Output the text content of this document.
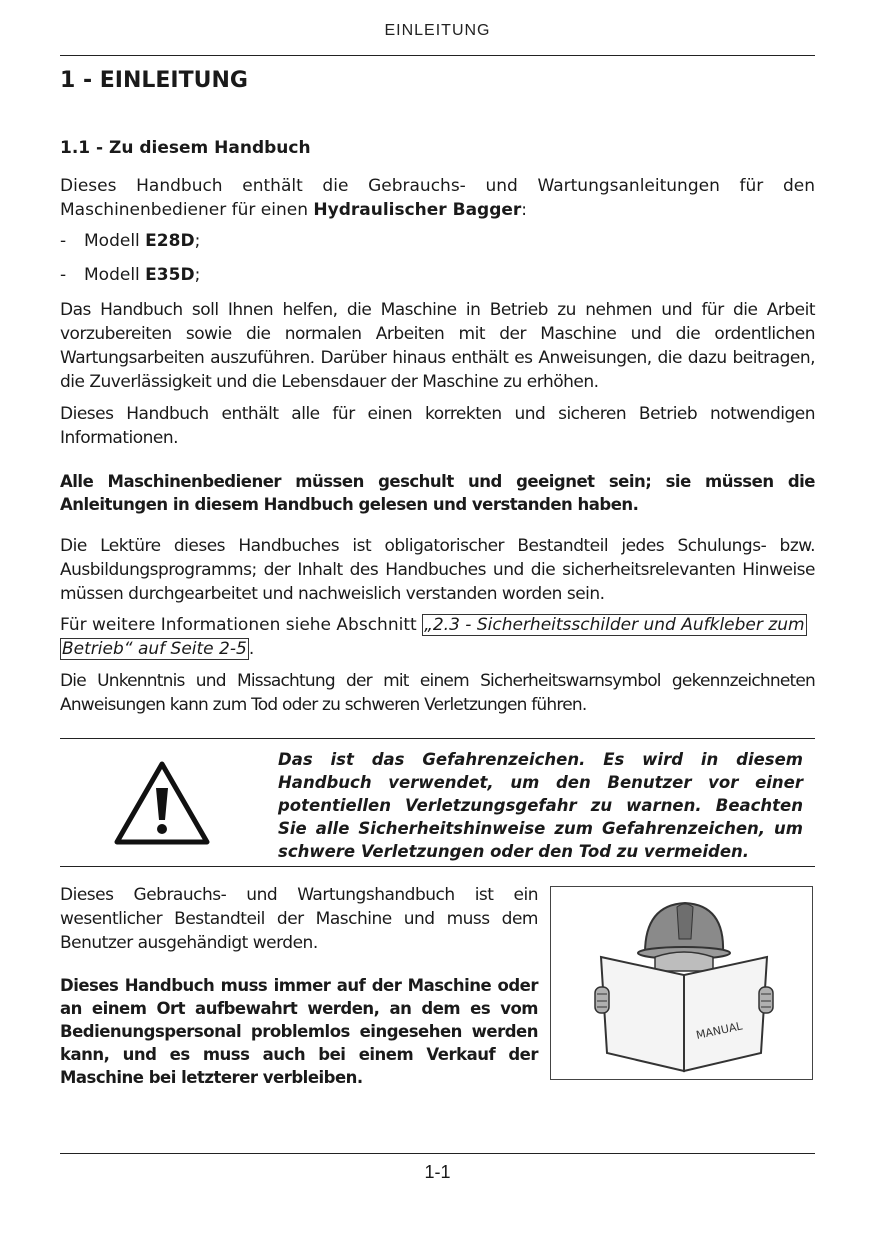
EINLEITUNG
1 - EINLEITUNG
1.1 - Zu diesem Handbuch

Dieses Handbuch enthält die Gebrauchs- und Wartungsanleitungen für den Maschinenbediener für einen Hydraulischer Bagger:

- Modell E28D;
- Modell E35D;

Das Handbuch soll Ihnen helfen, die Maschine in Betrieb zu nehmen und für die Arbeit vorzubereiten sowie die normalen Arbeiten mit der Maschine und die ordentlichen Wartungsarbeiten auszuführen. Darüber hinaus enthält es Anweisungen, die dazu beitragen, die Zuverlässigkeit und die Lebensdauer der Maschine zu erhöhen.

Dieses Handbuch enthält alle für einen korrekten und sicheren Betrieb notwendigen Informationen.

Alle Maschinenbediener müssen geschult und geeignet sein; sie müssen die Anleitungen in diesem Handbuch gelesen und verstanden haben.

Die Lektüre dieses Handbuches ist obligatorischer Bestandteil jedes Schulungs- bzw. Ausbildungsprogramms; der Inhalt des Handbuches und die sicherheitsrelevanten Hinweise müssen durchgearbeitet und nachweislich verstanden worden sein.

Für weitere Informationen siehe Abschnitt „2.3 - Sicherheitsschilder und Aufkleber zum
Betrieb“ auf Seite 2-5 .

Die Unkenntnis und Missachtung der mit einem Sicherheitswarnsymbol gekennzeichneten Anweisungen kann zum Tod oder zu schweren Verletzungen führen.

Das ist das Gefahrenzeichen. Es wird in diesem Handbuch verwendet, um den Benutzer vor einer potentiellen Verletzungsgefahr zu warnen. Beachten Sie alle Sicherheitshinweise zum Gefahrenzeichen, um schwere Verletzungen oder den Tod zu vermeiden.

Dieses Gebrauchs- und Wartungshandbuch ist ein wesentlicher Bestandteil der Maschine und muss dem Benutzer ausgehändigt werden.

Dieses Handbuch muss immer auf der Maschine oder an einem Ort aufbewahrt werden, an dem es vom Bedienungspersonal problemlos eingesehen werden kann, und es muss auch bei einem Verkauf der Maschine bei letzterer verbleiben.

MANUAL
1-1
